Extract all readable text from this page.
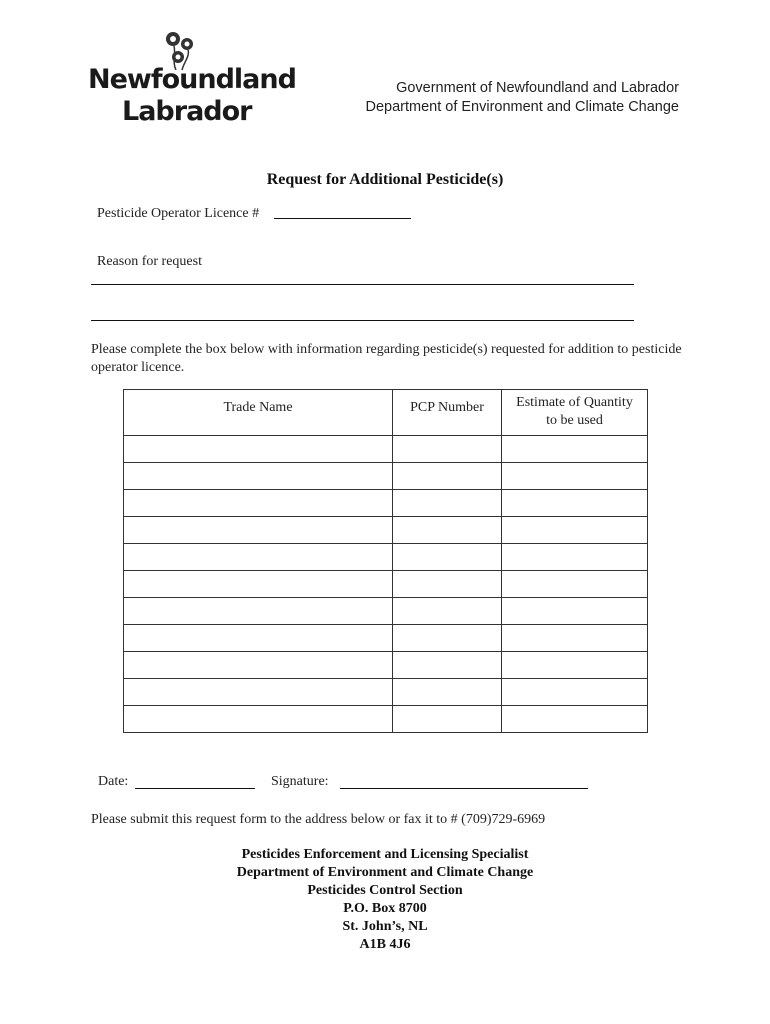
Newfoundland
Labrador
Government of Newfoundland and Labrador
Department of Environment and Climate Change
Request for Additional Pesticide(s)
Pesticide Operator Licence #
Reason for request
Please complete the box below with information regarding pesticide(s) requested for addition to pesticide operator licence.
Trade Name	PCP Number	Estimate of Quantity to be used

Date:	Signature:
Please submit this request form to the address below or fax it to # (709)729-6969
Pesticides Enforcement and Licensing Specialist
Department of Environment and Climate Change
Pesticides Control Section
P.O. Box 8700
St. John’s, NL
A1B 4J6
